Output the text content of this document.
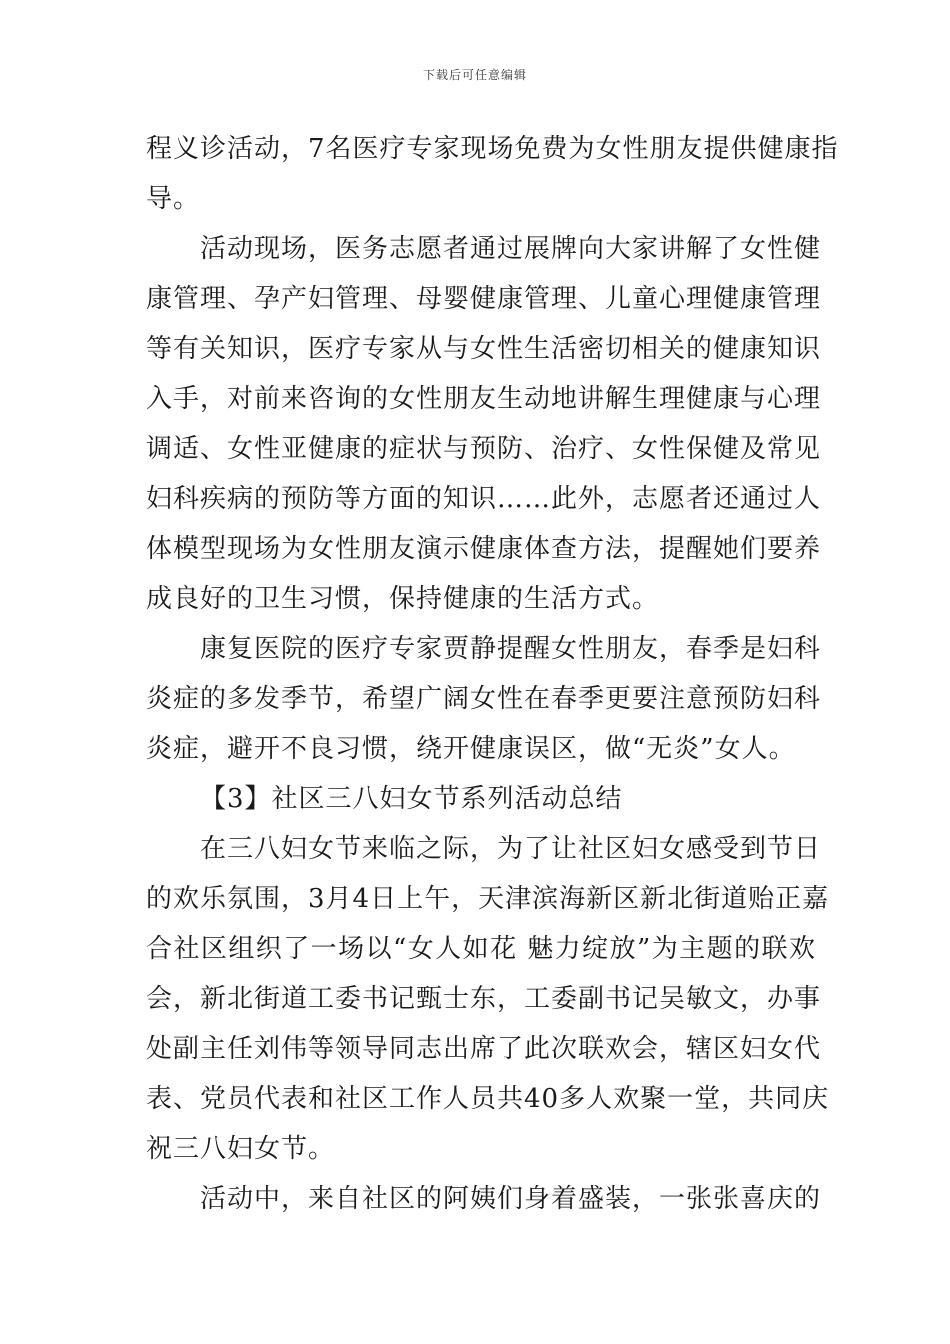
下载后可任意编辑
程义诊活动，7名医疗专家现场免费为女性朋友提供健康指
导。
活动现场，医务志愿者通过展牌向大家讲解了女性健
康管理、孕产妇管理、母婴健康管理、儿童心理健康管理
等有关知识，医疗专家从与女性生活密切相关的健康知识
入手，对前来咨询的女性朋友生动地讲解生理健康与心理
调适、女性亚健康的症状与预防、治疗、女性保健及常见
妇科疾病的预防等方面的知识……此外，志愿者还通过人
体模型现场为女性朋友演示健康体查方法，提醒她们要养
成良好的卫生习惯，保持健康的生活方式。
康复医院的医疗专家贾静提醒女性朋友，春季是妇科
炎症的多发季节，希望广阔女性在春季更要注意预防妇科
炎症，避开不良习惯，绕开健康误区，做“无炎”女人。
【3】社区三八妇女节系列活动总结
在三八妇女节来临之际，为了让社区妇女感受到节日
的欢乐氛围，3月4日上午，天津滨海新区新北街道贻正嘉
合社区组织了一场以“女人如花 魅力绽放”为主题的联欢
会，新北街道工委书记甄士东，工委副书记吴敏文，办事
处副主任刘伟等领导同志出席了此次联欢会，辖区妇女代
表、党员代表和社区工作人员共40多人欢聚一堂，共同庆
祝三八妇女节。
活动中，来自社区的阿姨们身着盛装，一张张喜庆的
